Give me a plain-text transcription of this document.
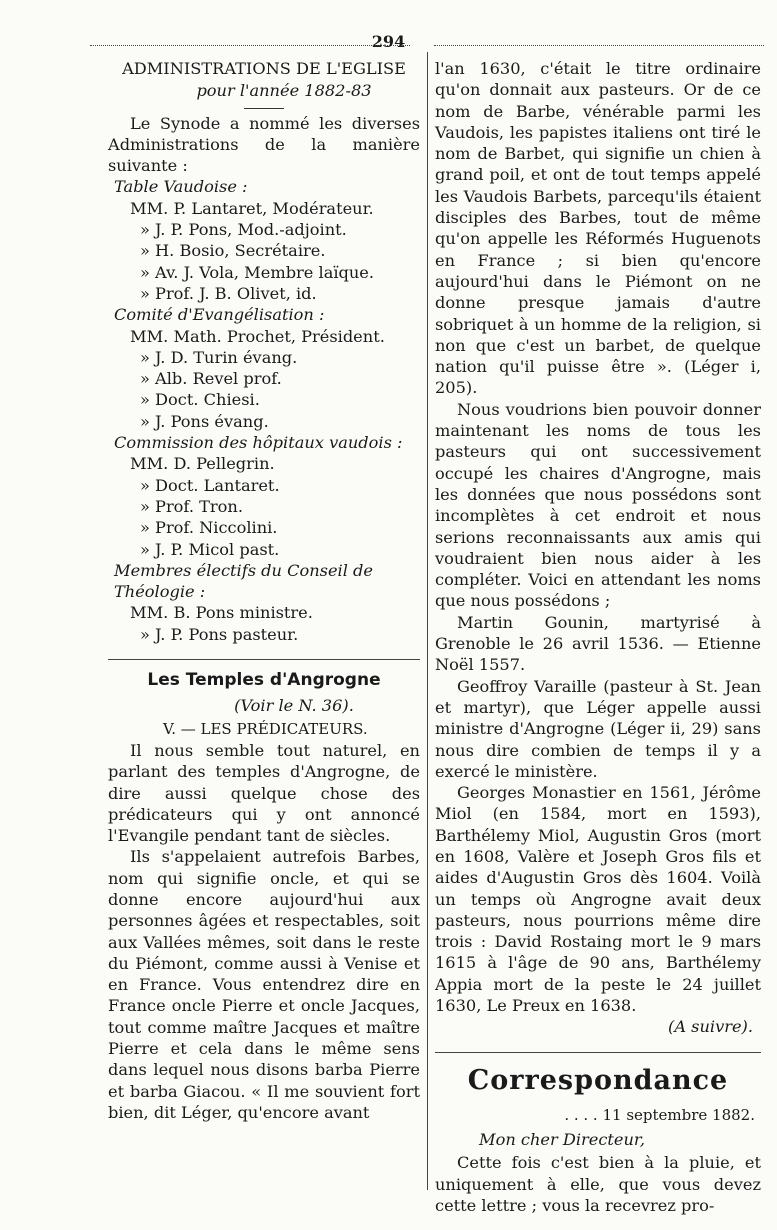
294
ADMINISTRATIONS DE L'EGLISE
pour l'année 1882-83

Le Synode a nommé les diverses Administrations de la manière suivante :

Table Vaudoise :
MM. P. Lantaret, Modérateur.
» J. P. Pons, Mod.-adjoint.
» H. Bosio, Secrétaire.
» Av. J. Vola, Membre laïque.
» Prof. J. B. Olivet, id.
Comité d'Evangélisation :
MM. Math. Prochet, Président.
» J. D. Turin évang.
» Alb. Revel prof.
» Doct. Chiesi.
» J. Pons évang.
Commission des hôpitaux vaudois :
MM. D. Pellegrin.
» Doct. Lantaret.
» Prof. Tron.
» Prof. Niccolini.
» J. P. Micol past.
Membres électifs du Conseil de Théologie :
MM. B. Pons ministre.
» J. P. Pons pasteur.
Les Temples d'Angrogne
(Voir le N. 36).
V. — LES PRÉDICATEURS.

Il nous semble tout naturel, en parlant des temples d'Angrogne, de dire aussi quelque chose des prédicateurs qui y ont annoncé l'Evangile pendant tant de siècles.

Ils s'appelaient autrefois Barbes, nom qui signifie oncle, et qui se donne encore aujourd'hui aux personnes âgées et respectables, soit aux Vallées mêmes, soit dans le reste du Piémont, comme aussi à Venise et en France. Vous entendrez dire en France oncle Pierre et oncle Jacques, tout comme maître Jacques et maître Pierre et cela dans le même sens dans lequel nous disons barba Pierre et barba Giacou. « Il me souvient fort bien, dit Léger, qu'encore avant

l'an 1630, c'était le titre ordinaire qu'on donnait aux pasteurs. Or de ce nom de Barbe, vénérable parmi les Vaudois, les papistes italiens ont tiré le nom de Barbet, qui signifie un chien à grand poil, et ont de tout temps appelé les Vaudois Barbets, parcequ'ils étaient disciples des Barbes, tout de même qu'on appelle les Réformés Huguenots en France ; si bien qu'encore aujourd'hui dans le Piémont on ne donne presque jamais d'autre sobriquet à un homme de la religion, si non que c'est un barbet, de quelque nation qu'il puisse être ». (Léger i, 205).

Nous voudrions bien pouvoir donner maintenant les noms de tous les pasteurs qui ont successivement occupé les chaires d'Angrogne, mais les données que nous possédons sont incomplètes à cet endroit et nous serions reconnaissants aux amis qui voudraient bien nous aider à les compléter. Voici en attendant les noms que nous possédons ;

Martin Gounin, martyrisé à Grenoble le 26 avril 1536. — Etienne Noël 1557.

Geoffroy Varaille (pasteur à St. Jean et martyr), que Léger appelle aussi ministre d'Angrogne (Léger ii, 29) sans nous dire combien de temps il y a exercé le ministère.

Georges Monastier en 1561, Jérôme Miol (en 1584, mort en 1593), Barthélemy Miol, Augustin Gros (mort en 1608, Valère et Joseph Gros fils et aides d'Augustin Gros dès 1604. Voilà un temps où Angrogne avait deux pasteurs, nous pourrions même dire trois : David Rostaing mort le 9 mars 1615 à l'âge de 90 ans, Barthélemy Appia mort de la peste le 24 juillet 1630, Le Preux en 1638.

(A suivre).
Correspondance
. . . . 11 septembre 1882.
Mon cher Directeur,

Cette fois c'est bien à la pluie, et uniquement à elle, que vous devez cette lettre ; vous la recevrez pro-
